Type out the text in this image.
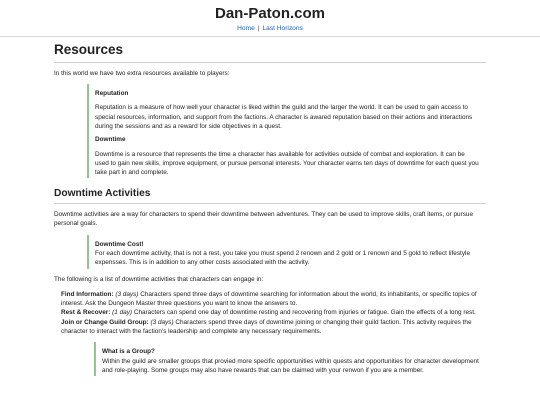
Dan-Paton.com
Home | Last Horizons
Resources

In this world we have two extra resources available to players:

Reputation
Reputation is a measure of how well your character is liked within the guild and the larger the world. It can be used to gain access to special resources, information, and support from the factions. A character is awared reputation based on their actions and interactions during the sessions and as a reward for side objectives in a quest.
Downtime
Downtime is a resource that represents the time a character has available for activities outside of combat and exploration. It can be used to gain new skills, improve equipment, or pursue personal interests. Your character earns ten days of downtime for each quest you take part in and complete.
Downtime Activities

Downtime activities are a way for characters to spend their downtime between adventures. They can be used to improve skills, craft items, or pursue personal goals.

Downtime Cost!
For each downtime activity, that is not a rest, you take you must spend 2 renown and 2 gold or 1 renown and 5 gold to reflect lifestyle expensses. This is in addition to any other costs associated with the activity.

The following is a list of downtime activities that characters can engage in:

Find Information: (3 days) Characters spend three days of downtime searching for information about the world, its inhabitants, or specific topics of interest. Ask the Dungeon Master three questions you want to know the answers to.
Rest & Recover: (1 day) Characters can spend one day of downtime resting and recovering from injuries or fatigue. Gain the effects of a long rest.
Join or Change Guild Group: (3 days) Characters spend three days of downtime joining or changing their guild faction. This activity requires the character to interact with the faction's leadership and complete any necessary requirements.
What is a Group?
Within the guild are smaller groups that provied more specific opportunities within quests and opportunities for character development and role-playing. Some groups may also have rewards that can be claimed with your renwon if you are a member.
